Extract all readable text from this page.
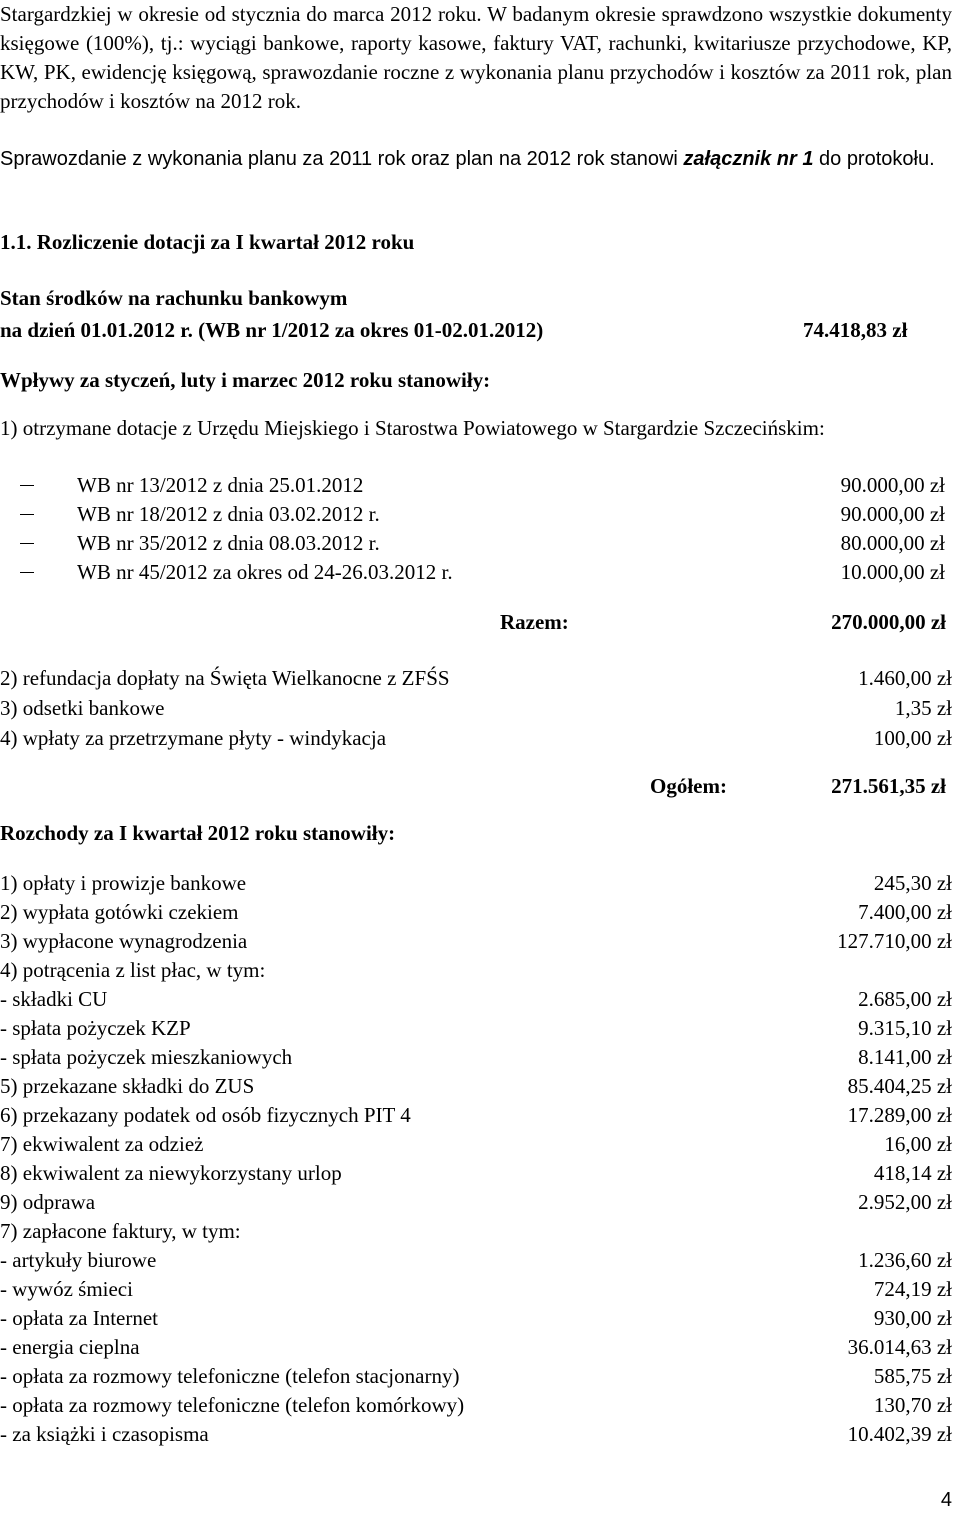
Stargardzkiej w okresie od stycznia do marca 2012 roku. W badanym okresie sprawdzono wszystkie dokumenty księgowe (100%), tj.: wyciągi bankowe, raporty kasowe, faktury VAT, rachunki, kwitariusze przychodowe, KP, KW, PK, ewidencję księgową, sprawozdanie roczne z wykonania planu przychodów i kosztów za 2011 rok, plan przychodów i kosztów na 2012 rok.
Sprawozdanie z wykonania planu za 2011 rok oraz plan na 2012 rok stanowi załącznik nr 1 do protokołu.
1.1. Rozliczenie dotacji za I kwartał 2012 roku
Stan środków na rachunku bankowym
na dzień 01.01.2012 r. (WB nr 1/2012 za okres 01-02.01.2012)	74.418,83 zł
Wpływy za styczeń, luty i marzec 2012 roku stanowiły:
1) otrzymane dotacje z Urzędu Miejskiego i Starostwa Powiatowego w Stargardzie Szczecińskim:
WB nr 13/2012 z dnia 25.01.2012	90.000,00 zł
WB nr 18/2012 z dnia 03.02.2012 r.	90.000,00 zł
WB nr 35/2012 z dnia 08.03.2012 r.	80.000,00 zł
WB nr 45/2012 za okres od 24-26.03.2012 r.	10.000,00 zł
Razem:	270.000,00 zł
2) refundacja dopłaty na Święta Wielkanocne z ZFŚS	1.460,00 zł
3) odsetki bankowe	1,35 zł
4) wpłaty za przetrzymane płyty - windykacja	100,00 zł
Ogółem:	271.561,35 zł
Rozchody za I kwartał 2012 roku stanowiły:
1) opłaty i prowizje bankowe	245,30 zł
2) wypłata gotówki czekiem	7.400,00 zł
3) wypłacone wynagrodzenia	127.710,00 zł
4) potrącenia z list płac, w tym:
- składki CU	2.685,00 zł
- spłata pożyczek KZP	9.315,10 zł
- spłata pożyczek mieszkaniowych	8.141,00 zł
5) przekazane składki do ZUS	85.404,25 zł
6) przekazany podatek od osób fizycznych PIT 4	17.289,00 zł
7) ekwiwalent za odzież	16,00 zł
8) ekwiwalent za niewykorzystany urlop	418,14 zł
9) odprawa	2.952,00 zł
7) zapłacone faktury, w tym:
- artykuły biurowe	1.236,60 zł
- wywóz śmieci	724,19 zł
- opłata za Internet	930,00 zł
- energia cieplna	36.014,63 zł
- opłata za rozmowy telefoniczne (telefon stacjonarny)	585,75 zł
- opłata za rozmowy telefoniczne (telefon komórkowy)	130,70 zł
- za książki i czasopisma	10.402,39 zł
4
